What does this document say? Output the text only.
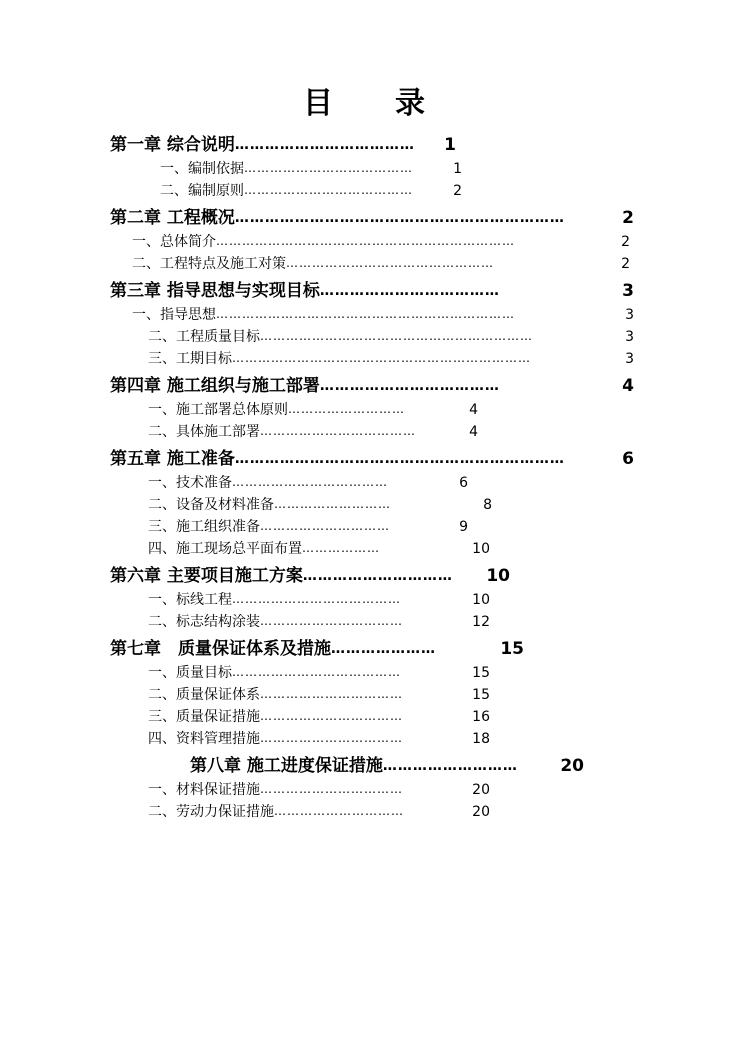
目　录
第一章 综合说明 ………………………………	1
一、编制依据 …………………………………	1
二、编制原则 …………………………………	2
第二章 工程概况 …………………………………………………………	2
一、总体简介 ……………………………………………………………	2
二、工程特点及施工对策 …………………………………………	2
第三章 指导思想与实现目标 ………………………………	3
一、指导思想 ……………………………………………………………	3
二、工程质量目标 ………………………………………………………	3
三、工期目标 ……………………………………………………………	3
第四章 施工组织与施工部署 ………………………………	4
一、施工部署总体原则 ………………………	4
二、具体施工部署 ………………………………	4
第五章 施工准备 …………………………………………………………	6
一、技术准备 ………………………………	6
二、设备及材料准备 ………………………	8
三、施工组织准备 …………………………	9
四、施工现场总平面布置 ………………	10
第六章 主要项目施工方案 …………………………	10
一、标线工程 …………………………………	10
二、标志结构涂装 ……………………………	12
第七章　质量保证体系及措施 …………………	15
一、质量目标 …………………………………	15
二、质量保证体系 ……………………………	15
三、质量保证措施 ……………………………	16
四、资料管理措施 ……………………………	18
第八章 施工进度保证措施 ………………………	20
一、材料保证措施 ……………………………	20
二、劳动力保证措施 …………………………	20
